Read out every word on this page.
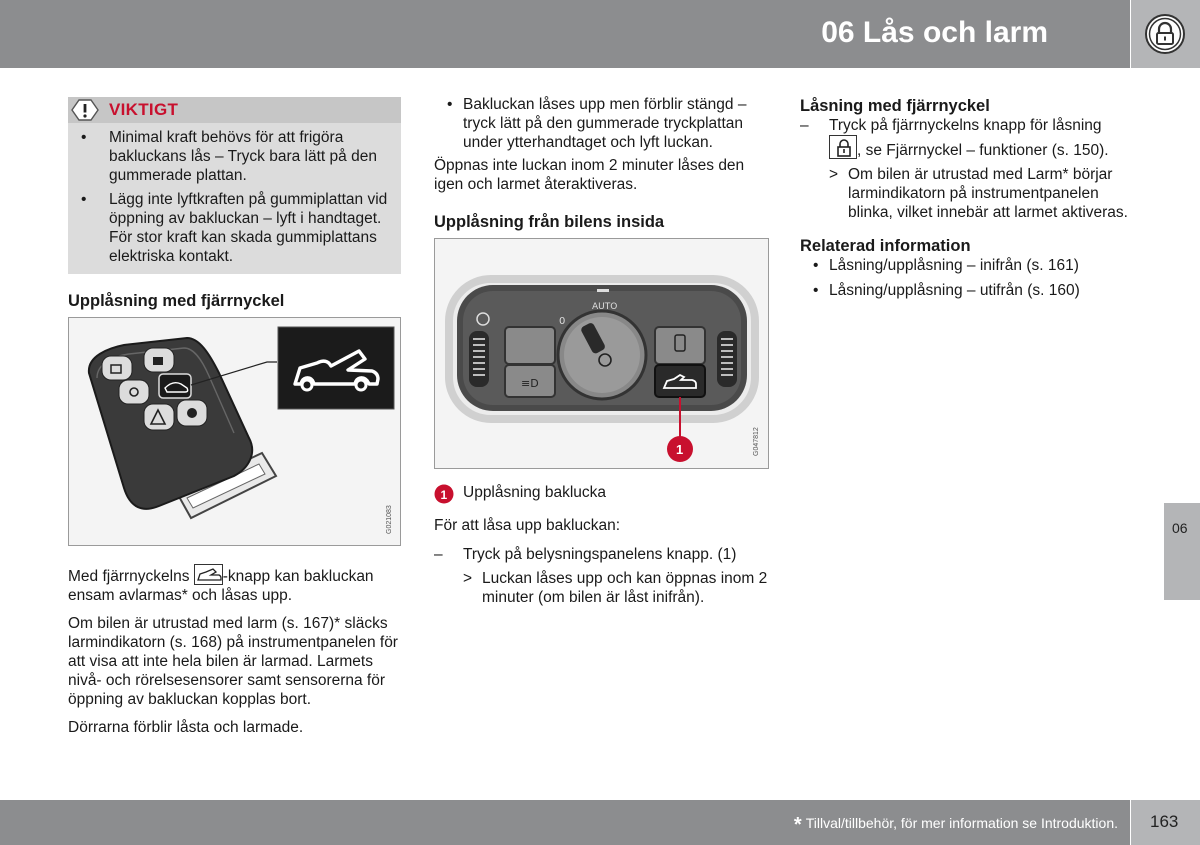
06 Lås och larm
06
VIKTIGT
• Minimal kraft behövs för att frigöra bakluckans lås – Tryck bara lätt på den gummerade plattan.
• Lägg inte lyftkraften på gummiplattan vid öppning av bakluckan – lyft i handtaget. För stor kraft kan skada gummiplattans elektriska kontakt.
Upplåsning med fjärrnyckel
G021083

Med fjärrnyckelns -knapp kan bakluckan ensam avlarmas* och låsas upp.

Om bilen är utrustad med larm (s. 167)* släcks larmindikatorn (s. 168) på instrumentpanelen för att visa att inte hela bilen är larmad. Larmets nivå- och rörelsesensorer samt sensorerna för öppning av bakluckan kopplas bort.

Dörrarna förblir låsta och larmade.

• Bakluckan låses upp men förblir stängd – tryck lätt på den gummerade tryckplattan under ytterhandtaget och lyft luckan.

Öppnas inte luckan inom 2 minuter låses den igen och larmet återaktiveras.

Upplåsning från bilens insida
≡D
AUTO
0
1	G047812
1 Upplåsning baklucka

För att låsa upp bakluckan:

– Tryck på belysningspanelens knapp. (1)

> Luckan låses upp och kan öppnas inom 2 minuter (om bilen är låst inifrån).

Låsning med fjärrnyckel

– Tryck på fjärrnyckelns knapp för låsning
, se Fjärrnyckel – funktioner (s. 150).

> Om bilen är utrustad med Larm* börjar larmindikatorn på instrumentpanelen blinka, vilket innebär att larmet aktiveras.

Relaterad information
• Låsning/upplåsning – inifrån (s. 161)
• Låsning/upplåsning – utifrån (s. 160)
* Tillval/tillbehör, för mer information se Introduktion. 163
